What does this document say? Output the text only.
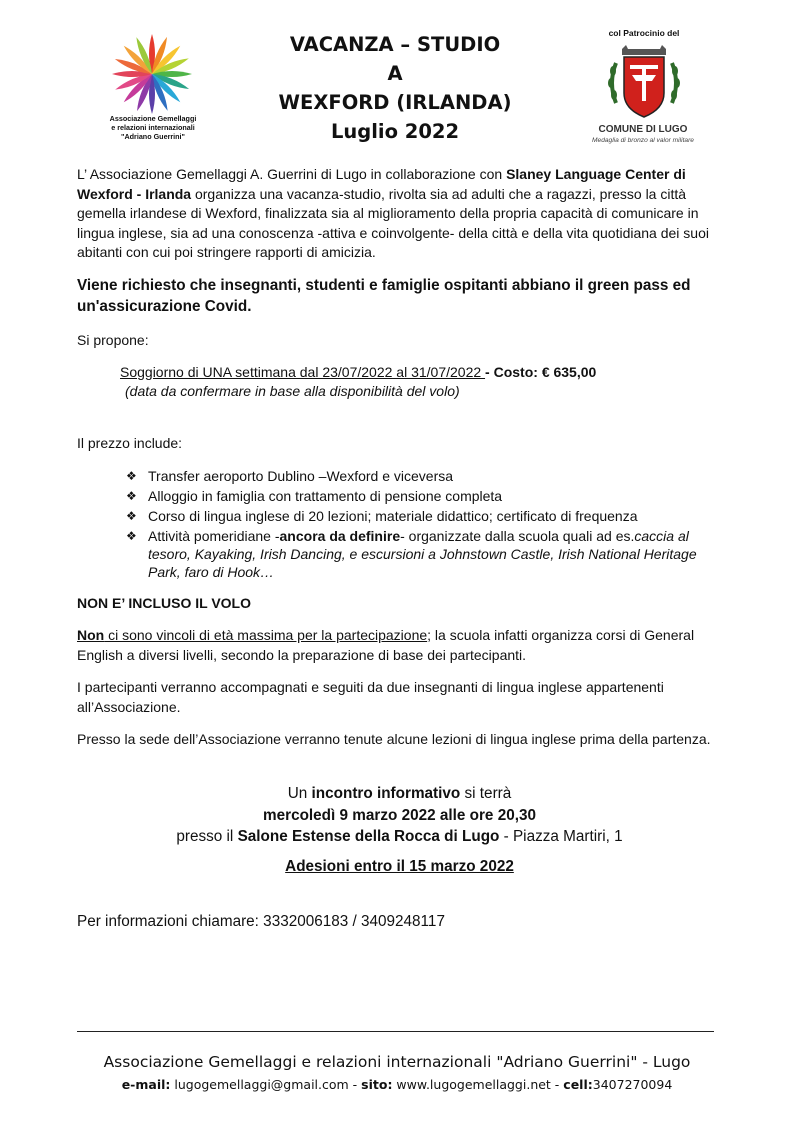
Associazione Gemellaggi
e relazioni internazionali
"Adriano Guerrini"
VACANZA – STUDIO
A
WEXFORD (IRLANDA)
Luglio 2022
col Patrocinio del
COMUNE DI LUGO
Medaglia di bronzo al valor militare

L’ Associazione Gemellaggi A. Guerrini di Lugo in collaborazione con Slaney Language Center di Wexford - Irlanda organizza una vacanza-studio, rivolta sia ad adulti che a ragazzi, presso la città gemella irlandese di Wexford, finalizzata sia al miglioramento della propria capacità di comunicare in lingua inglese, sia ad una conoscenza -attiva e coinvolgente- della città e della vita quotidiana dei suoi abitanti con cui poi stringere rapporti di amicizia.

Viene richiesto che insegnanti, studenti e famiglie ospitanti abbiano il green pass ed un'assicurazione Covid.

Si propone:

Soggiorno di UNA settimana dal 23/07/2022 al 31/07/2022 - Costo: € 635,00

(data da confermare in base alla disponibilità del volo)

Il prezzo include:

❖ Transfer aeroporto Dublino –Wexford e viceversa
❖ Alloggio in famiglia con trattamento di pensione completa
❖ Corso di lingua inglese di 20 lezioni; materiale didattico; certificato di frequenza
❖ Attività pomeridiane -ancora da definire- organizzate dalla scuola quali ad es.caccia al tesoro, Kayaking, Irish Dancing, e escursioni a Johnstown Castle, Irish National Heritage Park, faro di Hook…

NON E’ INCLUSO IL VOLO

Non ci sono vincoli di età massima per la partecipazione; la scuola infatti organizza corsi di General English a diversi livelli, secondo la preparazione di base dei partecipanti.

I partecipanti verranno accompagnati e seguiti da due insegnanti di lingua inglese appartenenti all’Associazione.

Presso la sede dell’Associazione verranno tenute alcune lezioni di lingua inglese prima della partenza.

Un incontro informativo si terrà
mercoledì 9 marzo 2022 alle ore 20,30
presso il Salone Estense della Rocca di Lugo - Piazza Martiri, 1

Adesioni entro il 15 marzo 2022

Per informazioni chiamare: 3332006183 / 3409248117

Associazione Gemellaggi e relazioni internazionali "Adriano Guerrini" - Lugo
e-mail: lugogemellaggi@gmail.com - sito: www.lugogemellaggi.net - cell:3407270094
